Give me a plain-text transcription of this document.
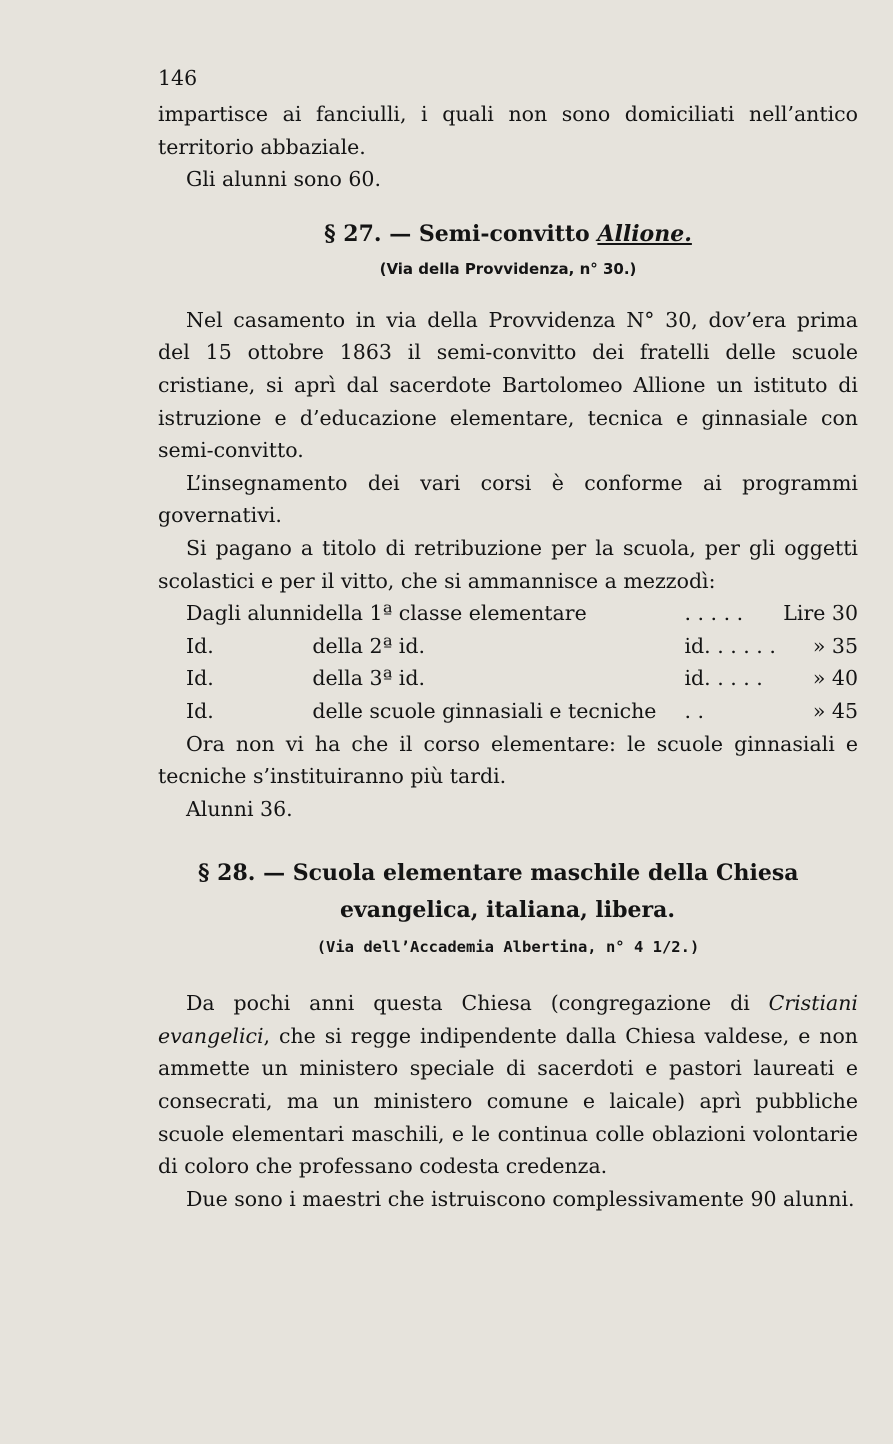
146

impartisce ai fanciulli, i quali non sono domiciliati nell’antico territorio abbaziale.

Gli alunni sono 60.

§ 27. — Semi-convitto Allione.
(Via della Provvidenza, n° 30.)

Nel casamento in via della Provvidenza N° 30, dov’era prima del 15 ottobre 1863 il semi-convitto dei fratelli delle scuole cristiane, si aprì dal sacerdote Bartolomeo Allione un istituto di istruzione e d’educazione elementare, tecnica e ginnasiale con semi-convitto.

L’insegnamento dei vari corsi è conforme ai programmi governativi.

Si pagano a titolo di retribuzione per la scuola, per gli oggetti scolastici e per il vitto, che si ammannisce a mezzodì:

Dagli alunni	della 1ª classe elementare	. . . . .	Lire 30
Id.	della 2ª id.	id. . . . . .	» 35
Id.	della 3ª id.	id. . . . .	» 40
Id.	delle scuole ginnasiali e tecniche	. .	» 45

Ora non vi ha che il corso elementare: le scuole ginnasiali e tecniche s’instituiranno più tardi.

Alunni 36.

§ 28. — Scuola elementare maschile della Chiesa
evangelica, italiana, libera.
(Via dell’Accademia Albertina, n° 4 1/2.)

Da pochi anni questa Chiesa (congregazione di Cristiani evangelici, che si regge indipendente dalla Chiesa valdese, e non ammette un ministero speciale di sacerdoti e pastori laureati e consecrati, ma un ministero comune e laicale) aprì pubbliche scuole elementari maschili, e le continua colle oblazioni volontarie di coloro che professano codesta credenza.

Due sono i maestri che istruiscono complessivamente 90 alunni.
